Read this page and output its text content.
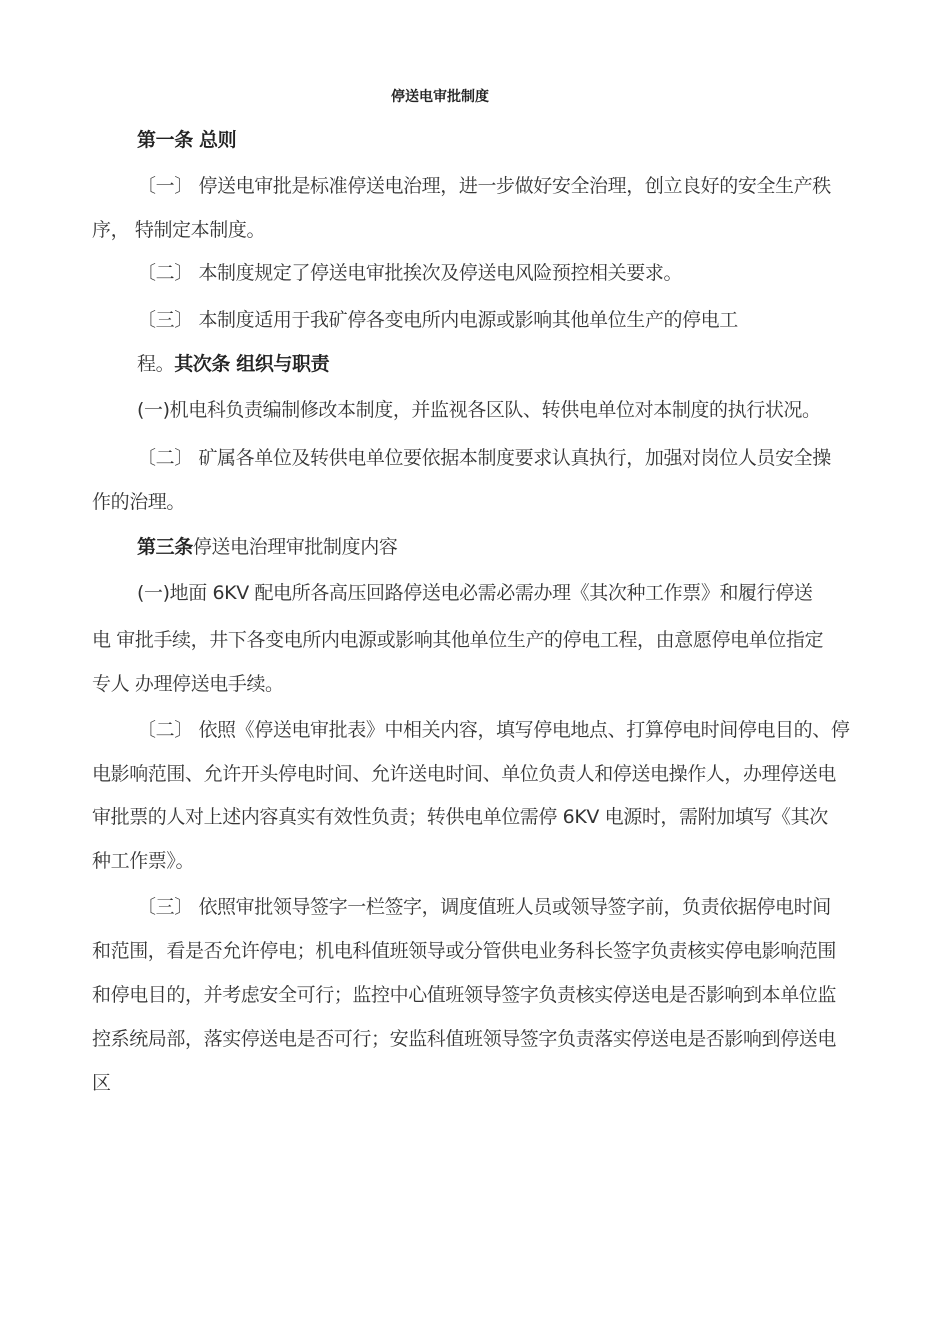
停送电审批制度
第一条 总则
〔一〕 停送电审批是标准停送电治理，进一步做好安全治理，创立良好的安全生产秩
序， 特制定本制度。
〔二〕 本制度规定了停送电审批挨次及停送电风险预控相关要求。
〔三〕 本制度适用于我矿停各变电所内电源或影响其他单位生产的停电工
程。其次条 组织与职责
(一)机电科负责编制修改本制度，并监视各区队、转供电单位对本制度的执行状况。
〔二〕 矿属各单位及转供电单位要依据本制度要求认真执行，加强对岗位人员安全操
作的治理。
第三条停送电治理审批制度内容
(一)地面 6KV 配电所各高压回路停送电必需必需办理《其次种工作票》和履行停送
电 审批手续，井下各变电所内电源或影响其他单位生产的停电工程，由意愿停电单位指定
专人 办理停送电手续。
〔二〕 依照《停送电审批表》中相关内容，填写停电地点、打算停电时间停电目的、停
电影响范围、允许开头停电时间、允许送电时间、单位负责人和停送电操作人，办理停送电
审批票的人对上述内容真实有效性负责；转供电单位需停 6KV 电源时，需附加填写《其次
种工作票》。
〔三〕 依照审批领导签字一栏签字，调度值班人员或领导签字前，负责依据停电时间
和范围，看是否允许停电；机电科值班领导或分管供电业务科长签字负责核实停电影响范围
和停电目的，并考虑安全可行；监控中心值班领导签字负责核实停送电是否影响到本单位监
控系统局部，落实停送电是否可行；安监科值班领导签字负责落实停送电是否影响到停送电
区
